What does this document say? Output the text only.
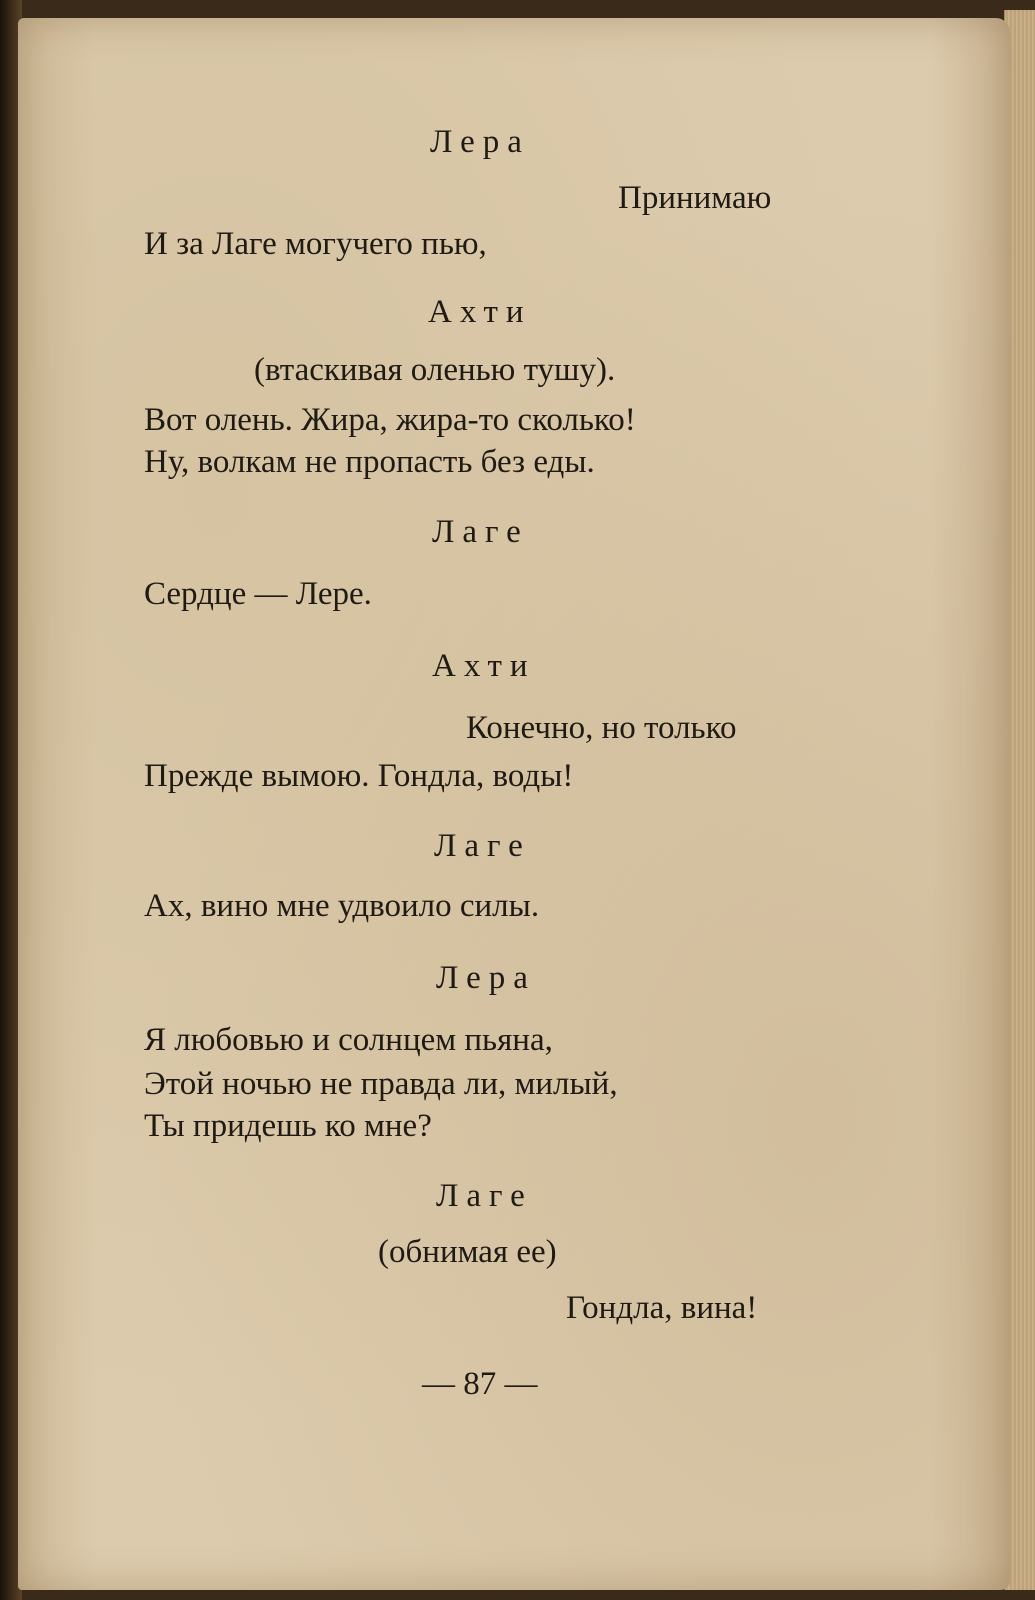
Лера
Принимаю
И за Лаге могучего пью,
Ахти
(втаскивая оленью тушу).
Вот олень. Жира, жира-то сколько!
Ну, волкам не пропасть без еды.
Лаге
Сердце — Лере.
Ахти
Конечно, но только
Прежде вымою. Гондла, воды!
Лаге
Ах, вино мне удвоило силы.
Лера
Я любовью и солнцем пьяна,
Этой ночью не правда ли, милый,
Ты придешь ко мне?
Лаге
(обнимая ее)
Гондла, вина!
— 87 —
